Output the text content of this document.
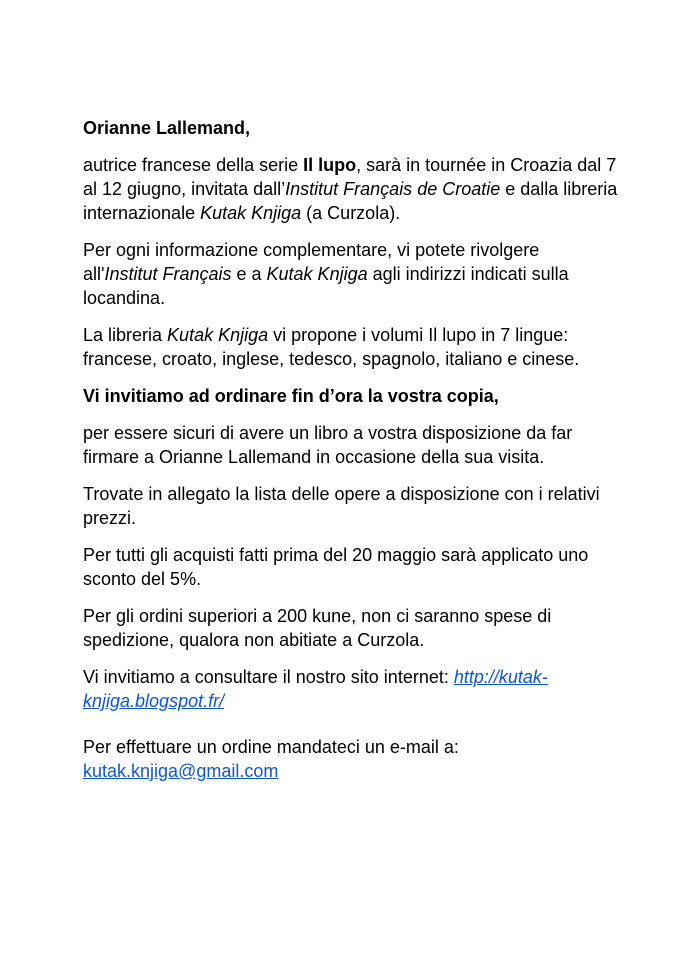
Orianne Lallemand,

autrice francese della serie Il lupo, sarà in tournée in Croazia dal 7 al 12 giugno, invitata dall’Institut Français de Croatie e dalla libreria internazionale Kutak Knjiga (a Curzola).

Per ogni informazione complementare, vi potete rivolgere all'Institut Français e a Kutak Knjiga agli indirizzi indicati sulla locandina.

La libreria Kutak Knjiga vi propone i volumi Il lupo in 7 lingue: francese, croato, inglese, tedesco, spagnolo, italiano e cinese.

Vi invitiamo ad ordinare fin d’ora la vostra copia,

per essere sicuri di avere un libro a vostra disposizione da far firmare a Orianne Lallemand in occasione della sua visita.

Trovate in allegato la lista delle opere a disposizione con i relativi prezzi.

Per tutti gli acquisti fatti prima del 20 maggio sarà applicato uno sconto del 5%.

Per gli ordini superiori a 200 kune, non ci saranno spese di spedizione, qualora non abitiate a Curzola.

Vi invitiamo a consultare il nostro sito internet: http://kutak-knjiga.blogspot.fr/

Per effettuare un ordine mandateci un e-mail a: kutak.knjiga@gmail.com
